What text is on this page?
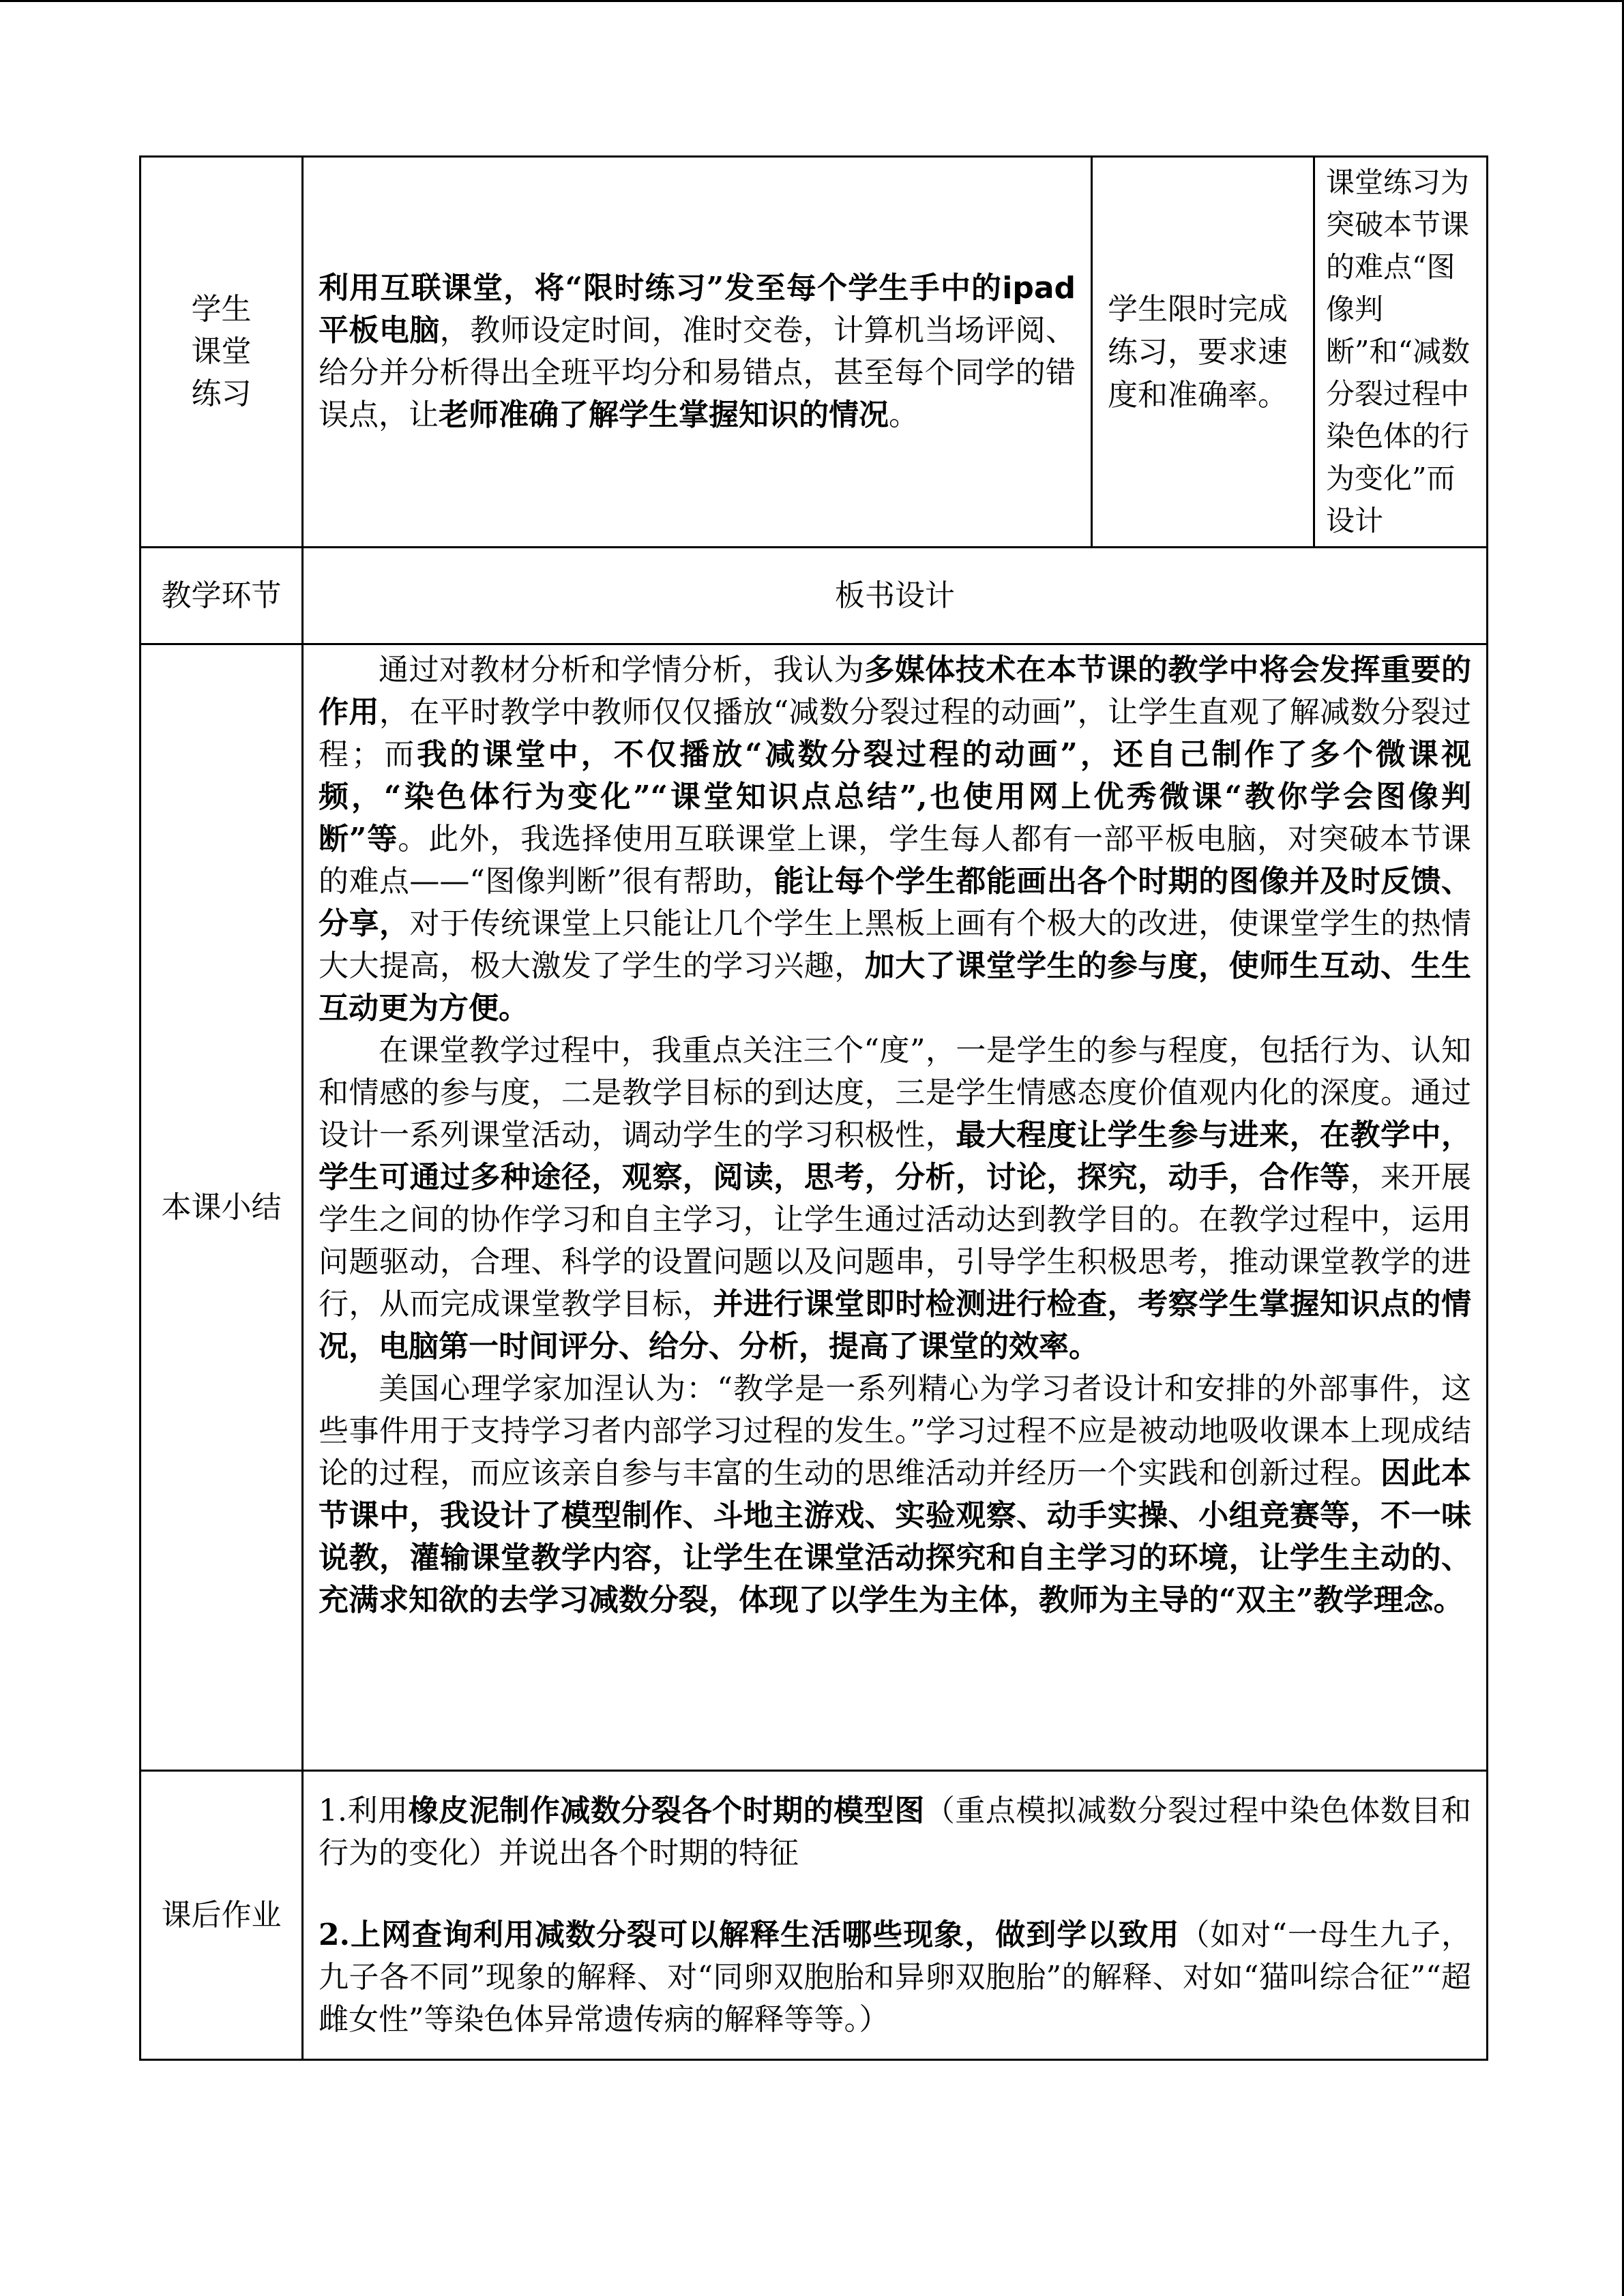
学生
课堂
练习	利用互联课堂，将“限时练习”发至每个学生手中的ipad 平板电脑，教师设定时间，准时交卷，计算机当场评阅、给分并分析得出全班平均分和易错点，甚至每个同学的错误点，让老师准确了解学生掌握知识的情况。	学生限时完成练习，要求速度和准确率。	课堂练习为突破本节课的难点“图像判断”和“减数分裂过程中染色体的行为变化”而设计

教学环节	板书设计		
本课小结	通过对教材分析和学情分析，我认为多媒体技术在本节课的教学中将会发挥重要的作用，在平时教学中教师仅仅播放“减数分裂过程的动画”，让学生直观了解减数分裂过程；而我的课堂中，不仅播放“减数分裂过程的动画”，还自己制作了多个微课视频，“染色体行为变化”“课堂知识点总结”,也使用网上优秀微课“教你学会图像判断”等。此外，我选择使用互联课堂上课，学生每人都有一部平板电脑，对突破本节课的难点——“图像判断”很有帮助，能让每个学生都能画出各个时期的图像并及时反馈、分享，对于传统课堂上只能让几个学生上黑板上画有个极大的改进，使课堂学生的热情大大提高，极大激发了学生的学习兴趣，加大了课堂学生的参与度，使师生互动、生生互动更为方便。

在课堂教学过程中，我重点关注三个“度”，一是学生的参与程度，包括行为、认知和情感的参与度，二是教学目标的到达度，三是学生情感态度价值观内化的深度。通过设计一系列课堂活动，调动学生的学习积极性，最大程度让学生参与进来，在教学中，学生可通过多种途径，观察，阅读，思考，分析，讨论，探究，动手，合作等，来开展学生之间的协作学习和自主学习，让学生通过活动达到教学目的。在教学过程中，运用问题驱动，合理、科学的设置问题以及问题串，引导学生积极思考，推动课堂教学的进行，从而完成课堂教学目标，并进行课堂即时检测进行检查，考察学生掌握知识点的情况，电脑第一时间评分、给分、分析，提高了课堂的效率。

美国心理学家加涅认为：“教学是一系列精心为学习者设计和安排的外部事件，这些事件用于支持学习者内部学习过程的发生。”学习过程不应是被动地吸收课本上现成结论的过程，而应该亲自参与丰富的生动的思维活动并经历一个实践和创新过程。因此本节课中，我设计了模型制作、斗地主游戏、实验观察、动手实操、小组竞赛等，不一味说教，灌输课堂教学内容，让学生在课堂活动探究和自主学习的环境，让学生主动的、充满求知欲的去学习减数分裂，体现了以学生为主体，教师为主导的“双主”教学理念。		

课后作业	1.利用橡皮泥制作减数分裂各个时期的模型图（重点模拟减数分裂过程中染色体数目和行为的变化）并说出各个时期的特征
2.上网查询利用减数分裂可以解释生活哪些现象，做到学以致用（如对“一母生九子，九子各不同”现象的解释、对“同卵双胞胎和异卵双胞胎”的解释、对如“猫叫综合征”“超雌女性”等染色体异常遗传病的解释等等。）		
